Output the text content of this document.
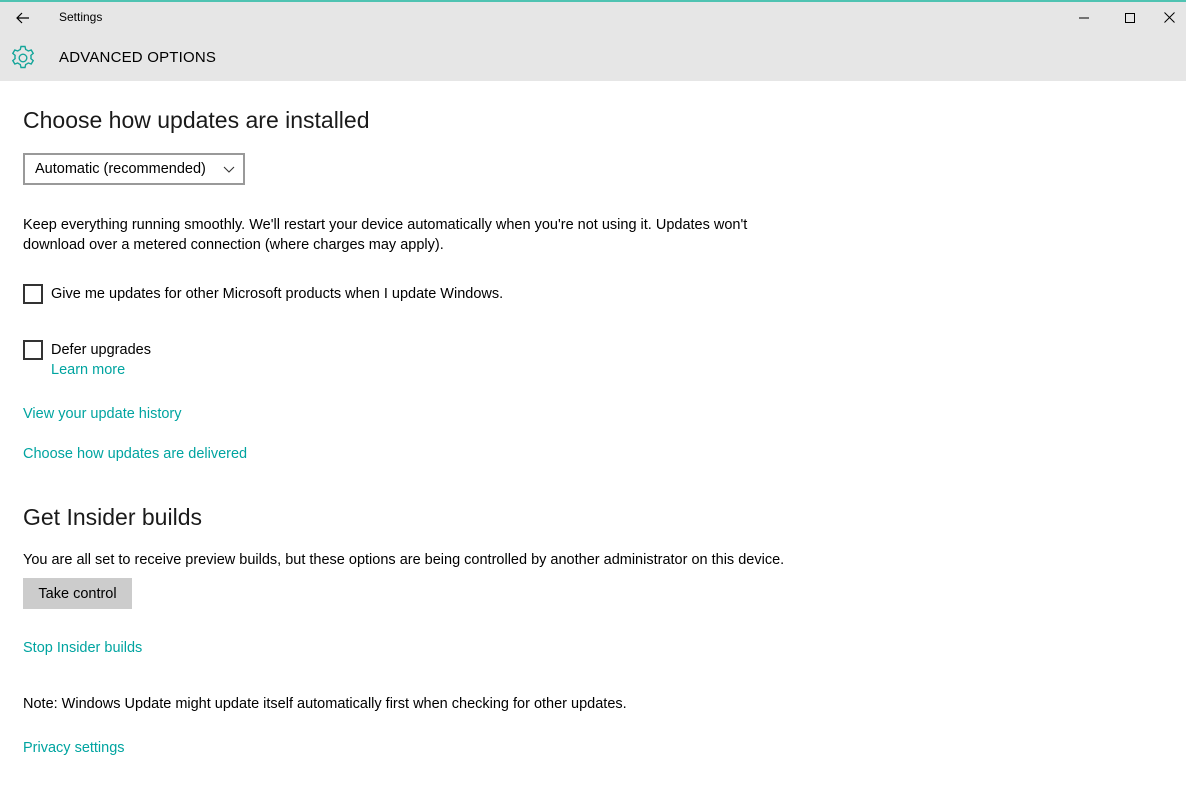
Settings
ADVANCED OPTIONS
Choose how updates are installed
Automatic (recommended)
Keep everything running smoothly. We'll restart your device automatically when you're not using it. Updates won't download over a metered connection (where charges may apply).
Give me updates for other Microsoft products when I update Windows.
Defer upgrades
Learn more
View your update history
Choose how updates are delivered
Get Insider builds
You are all set to receive preview builds, but these options are being controlled by another administrator on this device.
Take control
Stop Insider builds
Note: Windows Update might update itself automatically first when checking for other updates.
Privacy settings
